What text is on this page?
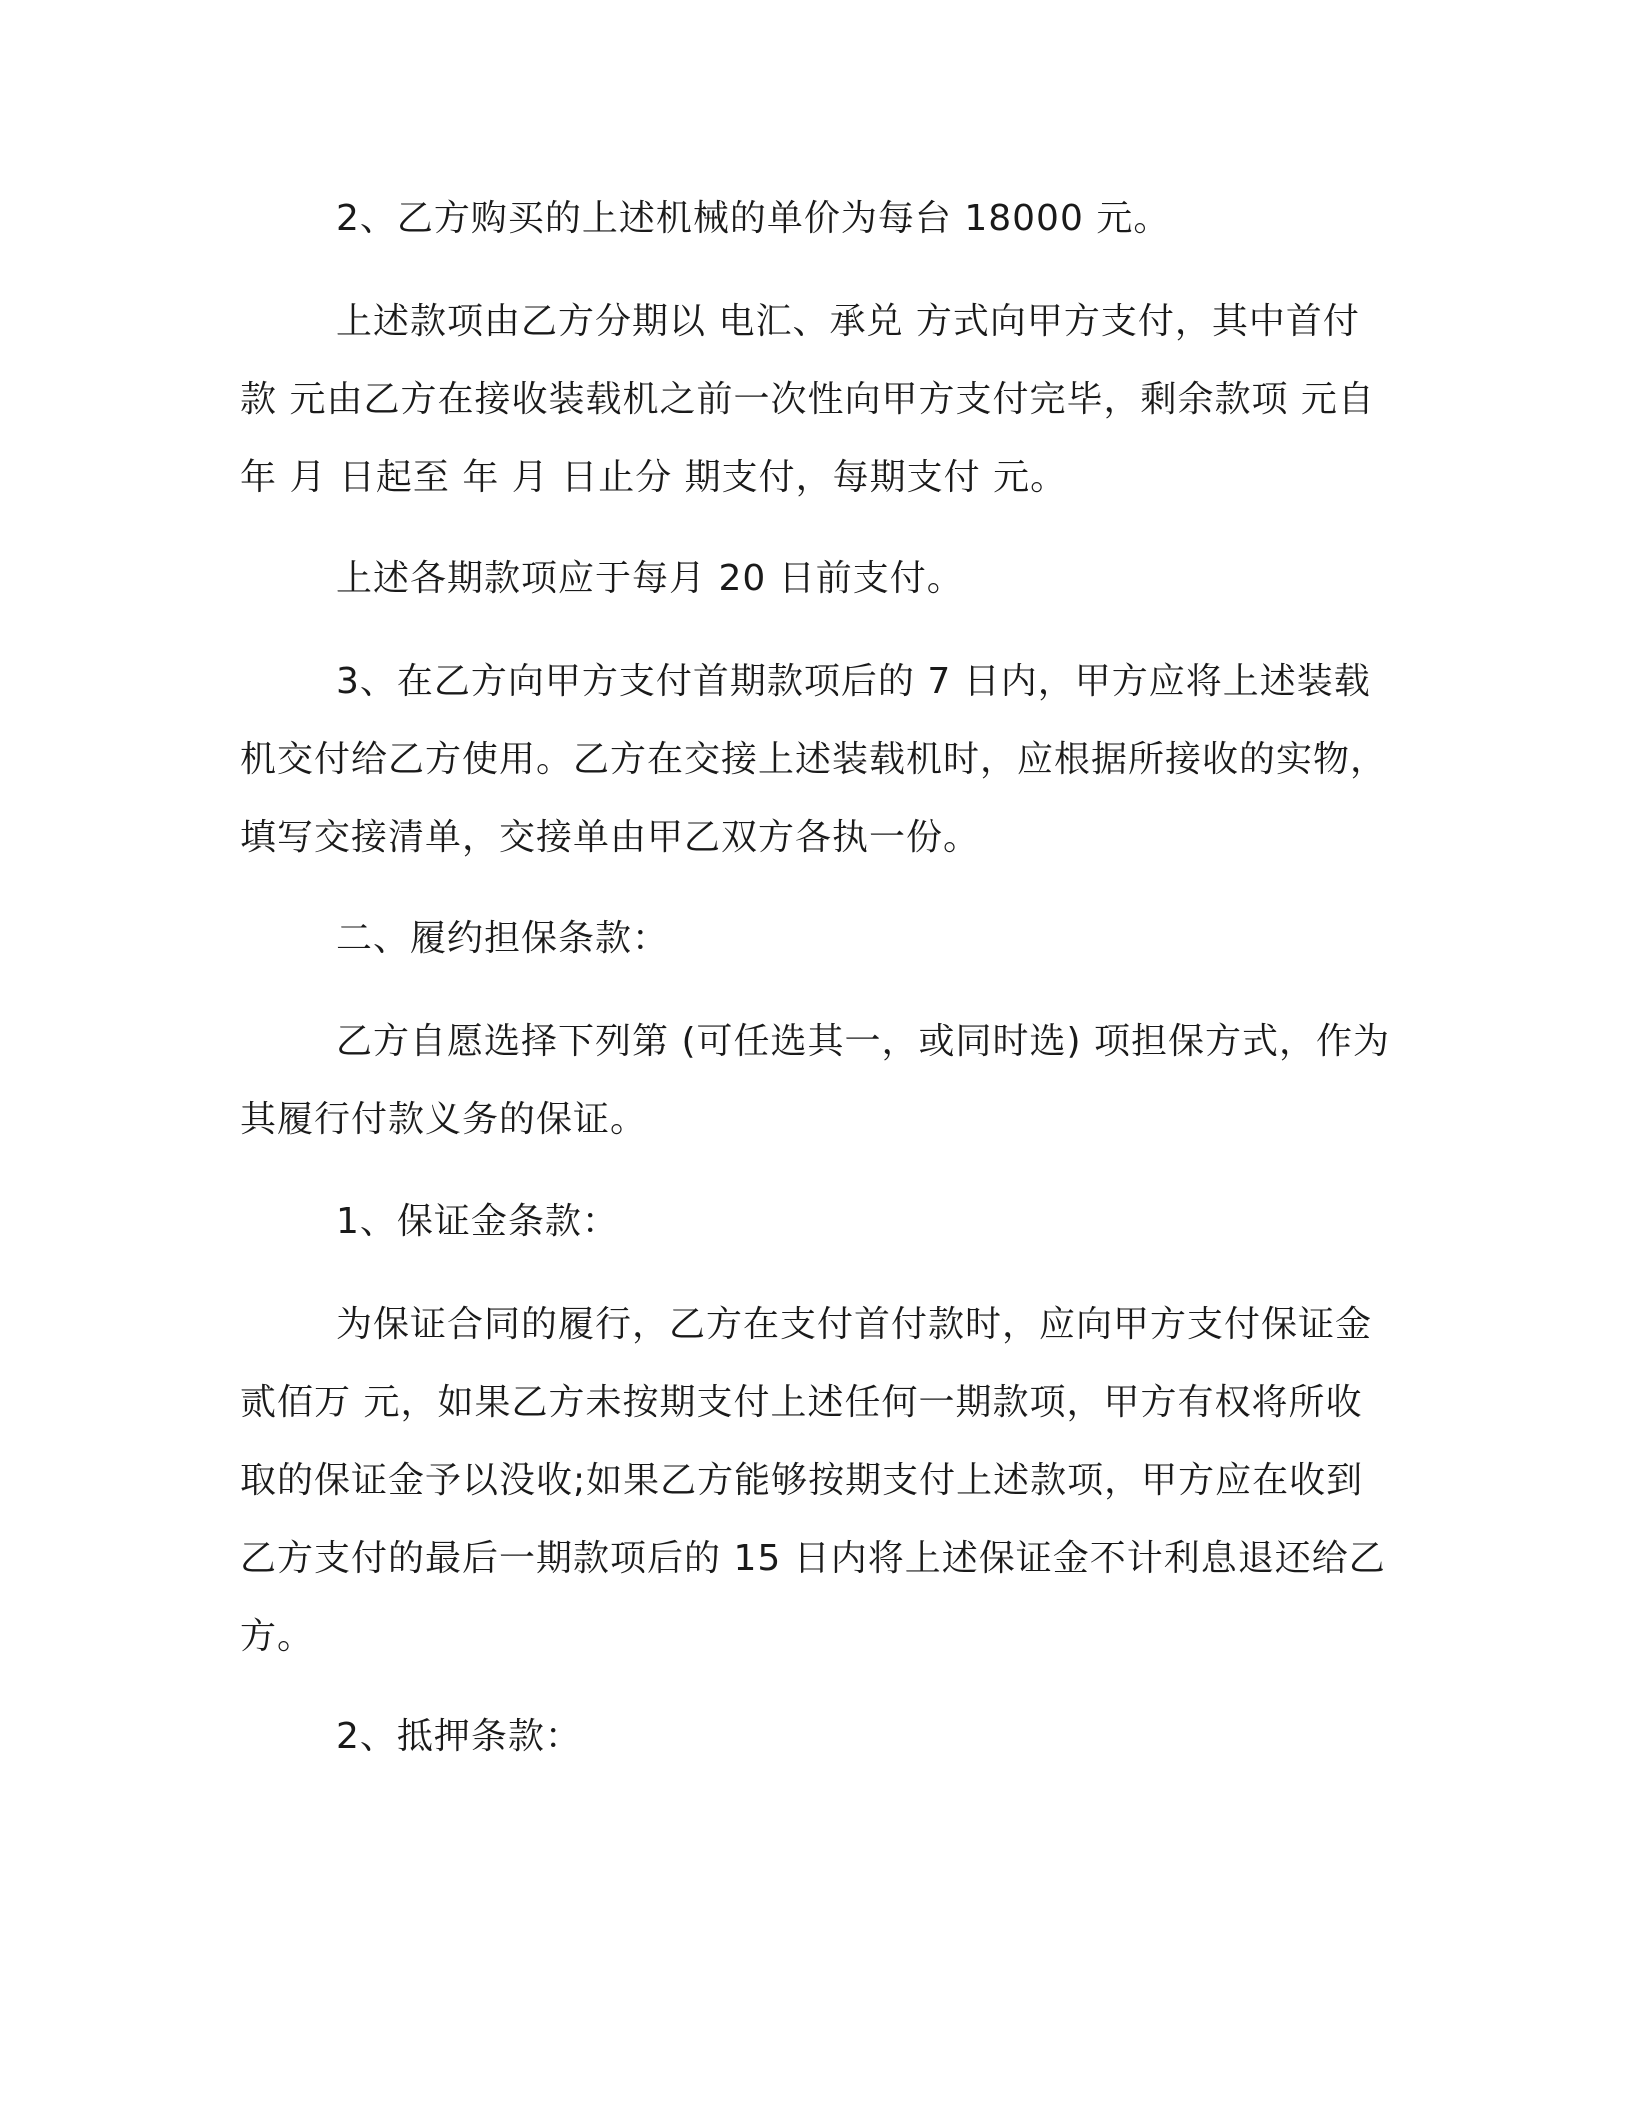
2、乙方购买的上述机械的单价为每台 18000 元。

上述款项由乙方分期以 电汇、承兑 方式向甲方支付，其中首付款 元由乙方在接收装载机之前一次性向甲方支付完毕，剩余款项 元自年 月 日起至 年 月 日止分 期支付，每期支付 元。

上述各期款项应于每月 20 日前支付。

3、在乙方向甲方支付首期款项后的 7 日内，甲方应将上述装载机交付给乙方使用。乙方在交接上述装载机时，应根据所接收的实物，填写交接清单，交接单由甲乙双方各执一份。

二、履约担保条款：

乙方自愿选择下列第 (可任选其一，或同时选) 项担保方式，作为其履行付款义务的保证。

1、保证金条款：

为保证合同的履行，乙方在支付首付款时，应向甲方支付保证金贰佰万 元，如果乙方未按期支付上述任何一期款项，甲方有权将所收取的保证金予以没收;如果乙方能够按期支付上述款项，甲方应在收到乙方支付的最后一期款项后的 15 日内将上述保证金不计利息退还给乙方。

2、抵押条款：
